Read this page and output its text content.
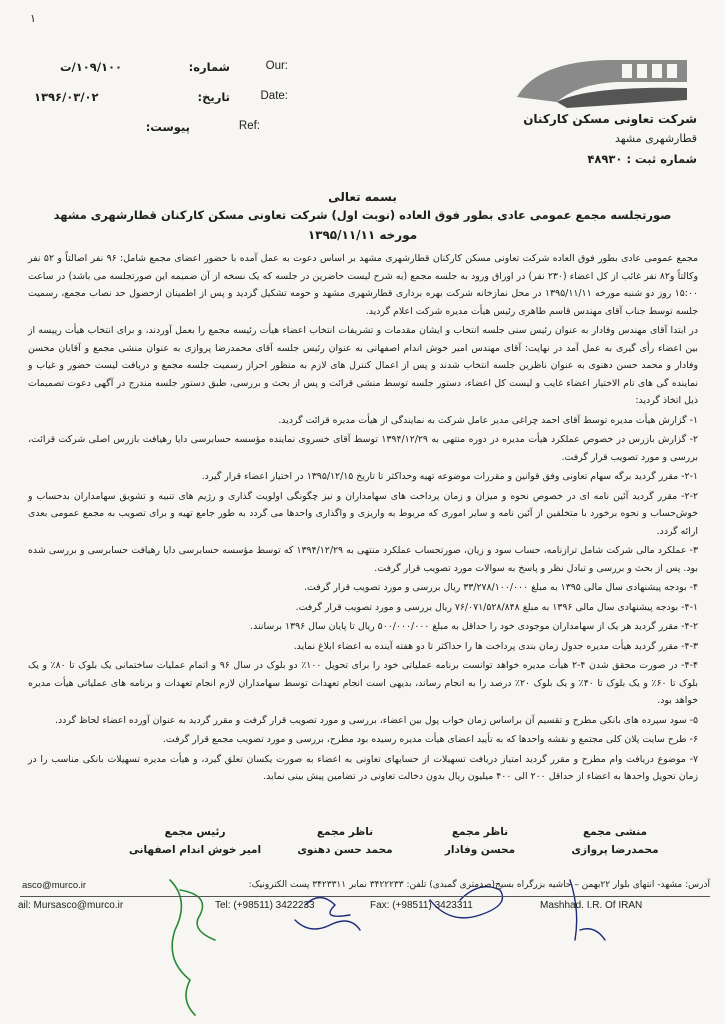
۱
۱۰۹/۱۰۰/ت	شماره:	Our:
۱۳۹۶/۰۳/۰۲	تاریخ:	Date:
پیوست:	Ref:	شرکت تعاونی مسکن کارکنان
قطارشهری مشهد
شماره ثبت : ۴۸۹۳۰
بسمه تعالی
صورتجلسه مجمع عمومی عادی بطور فوق العاده (نوبت اول) شرکت تعاونی مسکن کارکنان قطارشهری مشهد
مورخه ۱۳۹۵/۱۱/۱۱

مجمع عمومی عادی بطور فوق العاده شرکت تعاونی مسکن کارکنان قطارشهری مشهد بر اساس دعوت به عمل آمده با حضور اعضای مجمع شامل: ۹۶ نفر اصالتاً و ۵۲ نفر وکالتاً و۸۲ نفر غائب از کل اعضاء (۲۳۰ نفر) در اوراق ورود به جلسه مجمع (به شرح لیست حاضرین در جلسه که یک نسخه از آن ضمیمه این صورتجلسه می باشد) در ساعت ۱۵:۰۰ روز دو شنبه مورخه ۱۳۹۵/۱۱/۱۱ در محل نمازخانه شرکت بهره برداری قطارشهری مشهد و حومه تشکیل گردید و پس از اطمینان ازحصول حد نصاب مجمع، رسمیت جلسه توسط جناب آقای مهندس قاسم طاهری رئیس هیأت مدیره شرکت اعلام گردید.

در ابتدا آقای مهندس وفادار به عنوان رئیس سنی جلسه انتخاب و ایشان مقدمات و تشریفات انتخاب اعضاء هیأت رئیسه مجمع را بعمل آوردند، و برای انتخاب هیأت رییسه از بین اعضاء رأی گیری به عمل آمد در نهایت: آقای مهندس امیر خوش اندام اصفهانی به عنوان رئیس جلسه آقای محمدرضا پروازی به عنوان منشی مجمع و آقایان محسن وفادار و محمد حسن دهنوی به عنوان ناظرین جلسه انتخاب شدند و پس از اعمال کنترل های لازم به منظور احراز رسمیت جلسه مجمع و دریافت لیست حضور و غیاب و نماینده گی های تام الاختیار اعضاء غایب و لیست کل اعضاء، دستور جلسه توسط منشی قرائت و پس از بحث و بررسی، طبق دستور جلسه مندرج در آگهی دعوت تصمیمات ذیل اتخاذ گردید:

۱- گزارش هیأت مدیره توسط آقای احمد چراغی مدیر عامل شرکت به نمایندگی از هیأت مدیره قرائت گردید.

۲- گزارش بازرس در خصوص عملکرد هیأت مدیره در دوره منتهی به ۱۳۹۴/۱۲/۲۹ توسط آقای خسروی نماینده مؤسسه حسابرسی دایا رهیافت بازرس اصلی شرکت قرائت، بررسی و مورد تصویب قرار گرفت.

۲-۱- مقرر گردید برگه سهام تعاونی وفق قوانین و مقررات موضوعه تهیه وحداکثر تا تاریخ ۱۳۹۵/۱۲/۱۵ در اختیار اعضاء قرار گیرد.

۲-۲- مقرر گردید آئین نامه ای در خصوص نحوه و میزان و زمان پرداخت های سهامداران و نیز چگونگی اولویت گذاری و رژیم های تنبیه و تشویق سهامداران بدحساب و خوش‌حساب و نحوه برخورد با متخلفین از آئین نامه و سایر اموری که مربوط به واریزی و واگذاری واحدها می گردد به طور جامع تهیه و برای تصویب به مجمع عمومی بعدی ارائه گردد.

۳- عملکرد مالی شرکت شامل ترازنامه، حساب سود و زیان، صورتحساب عملکرد منتهی به ۱۳۹۴/۱۲/۲۹ که توسط مؤسسه حسابرسی دایا رهیافت حسابرسی و بررسی شده بود. پس از بحث و بررسی و تبادل نظر و پاسخ به سوالات مورد تصویب قرار گرفت.

۴- بودجه پیشنهادی سال مالی ۱۳۹۵ به مبلغ ۳۳/۲۷۸/۱۰۰/۰۰۰ ریال بررسی و مورد تصویب قرار گرفت.

۴-۱- بودجه پیشنهادی سال مالی ۱۳۹۶ به مبلغ ۷۶/۰۷۱/۵۲۸/۸۴۸ ریال بررسی و مورد تصویب قرار گرفت.

۴-۲- مقرر گردید هر یک از سهامداران موجودی خود را حداقل به مبلغ ۵۰۰/۰۰۰/۰۰۰ ریال تا پایان سال ۱۳۹۶ برسانند.

۴-۳- مقرر گردید هیأت مدیره جدول زمان بندی پرداخت ها را حداکثر تا دو هفته آینده به اعضاء ابلاغ نماید.

۴-۴- در صورت محقق شدن ۴-۲ هیأت مدیره خواهد توانست برنامه عملیاتی خود را برای تحویل ۱۰۰٪ دو بلوک در سال ۹۶ و اتمام عملیات ساختمانی یک بلوک تا ۸۰٪ و یک بلوک تا ۶۰٪ و یک بلوک تا ۴۰٪ و یک بلوک ۲۰٪ درصد را به انجام رساند، بدیهی است انجام تعهدات توسط سهامداران لازم انجام تعهدات و برنامه های عملیاتی هیأت مدیره خواهد بود.

۵- سود سپرده های بانکی مطرح و تقسیم آن براساس زمان خواب پول بین اعضاء، بررسی و مورد تصویب قرار گرفت و مقرر گردید به عنوان آورده اعضاء لحاظ گردد.

۶- طرح سایت پلان کلی مجتمع و نقشه واحدها که به تأیید اعضای هیأت مدیره رسیده بود مطرح، بررسی و مورد تصویب مجمع قرار گرفت.

۷- موضوع دریافت وام مطرح و مقرر گردید امتیاز دریافت تسهیلات از حسابهای تعاونی به اعضاء به صورت یکسان تعلق گیرد، و هیأت مدیره تسهیلات بانکی مناسب را در زمان تحویل واحدها به اعضاء از حداقل ۲۰۰ الی ۴۰۰ میلیون ریال بدون دخالت تعاونی در تضامین پیش بینی نماید.

رئیس مجمع
امیر خوش اندام اصفهانی
ناظر مجمع
محمد حسن دهنوی
ناظر مجمع
محسن وفادار
منشی مجمع
محمدرضا پروازی
آدرس: مشهد- انتهای بلوار ۲۲بهمن – حاشیه بزرگراه بسیج(صدمتری گمبدی) تلفن: ۳۴۲۲۲۳۳ نمابر ۳۴۲۳۳۱۱ پست الکترونیک:
asco@murco.ir
ail: Mursasco@murco.ir	Tel: (+98511) 3422233	Fax: (+98511) 3423311	Mashhad. I.R. Of IRAN
